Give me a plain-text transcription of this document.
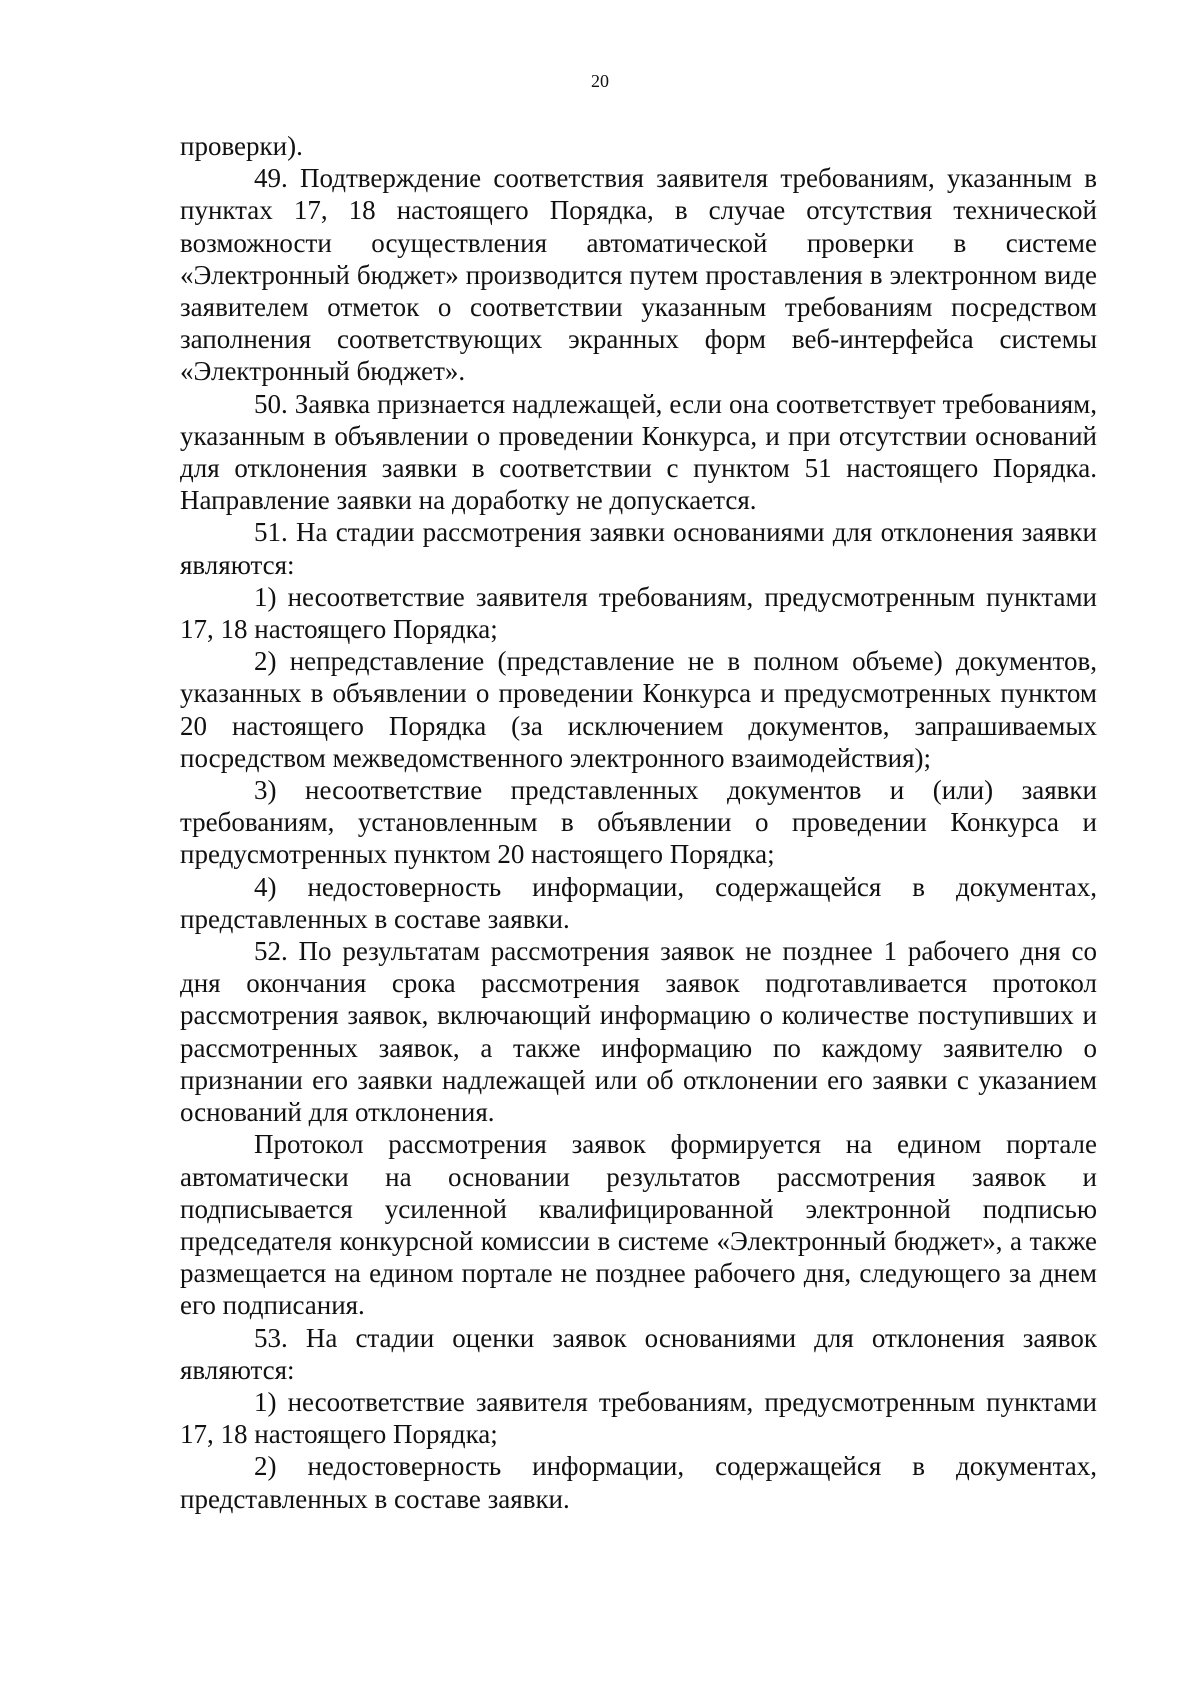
20

проверки).

49. Подтверждение соответствия заявителя требованиям, указанным в пунктах 17, 18 настоящего Порядка, в случае отсутствия технической возможности осуществления автоматической проверки в системе «Электронный бюджет» производится путем проставления в электронном виде заявителем отметок о соответствии указанным требованиям посредством заполнения соответствующих экранных форм веб-интерфейса системы «Электронный бюджет».

50. Заявка признается надлежащей, если она соответствует требованиям, указанным в объявлении о проведении Конкурса, и при отсутствии оснований для отклонения заявки в соответствии с пунктом 51 настоящего Порядка. Направление заявки на доработку не допускается.

51. На стадии рассмотрения заявки основаниями для отклонения заявки являются:

1) несоответствие заявителя требованиям, предусмотренным пунктами 17, 18 настоящего Порядка;

2) непредставление (представление не в полном объеме) документов, указанных в объявлении о проведении Конкурса и предусмотренных пунктом 20 настоящего Порядка (за исключением документов, запрашиваемых посредством межведомственного электронного взаимодействия);

3) несоответствие представленных документов и (или) заявки требованиям, установленным в объявлении о проведении Конкурса и предусмотренных пунктом 20 настоящего Порядка;

4) недостоверность информации, содержащейся в документах, представленных в составе заявки.

52. По результатам рассмотрения заявок не позднее 1 рабочего дня со дня окончания срока рассмотрения заявок подготавливается протокол рассмотрения заявок, включающий информацию о количестве поступивших и рассмотренных заявок, а также информацию по каждому заявителю о признании его заявки надлежащей или об отклонении его заявки с указанием оснований для отклонения.

Протокол рассмотрения заявок формируется на едином портале автоматически на основании результатов рассмотрения заявок и подписывается усиленной квалифицированной электронной подписью председателя конкурсной комиссии в системе «Электронный бюджет», а также размещается на едином портале не позднее рабочего дня, следующего за днем его подписания.

53. На стадии оценки заявок основаниями для отклонения заявок являются:

1) несоответствие заявителя требованиям, предусмотренным пунктами 17, 18 настоящего Порядка;

2) недостоверность информации, содержащейся в документах, представленных в составе заявки.
